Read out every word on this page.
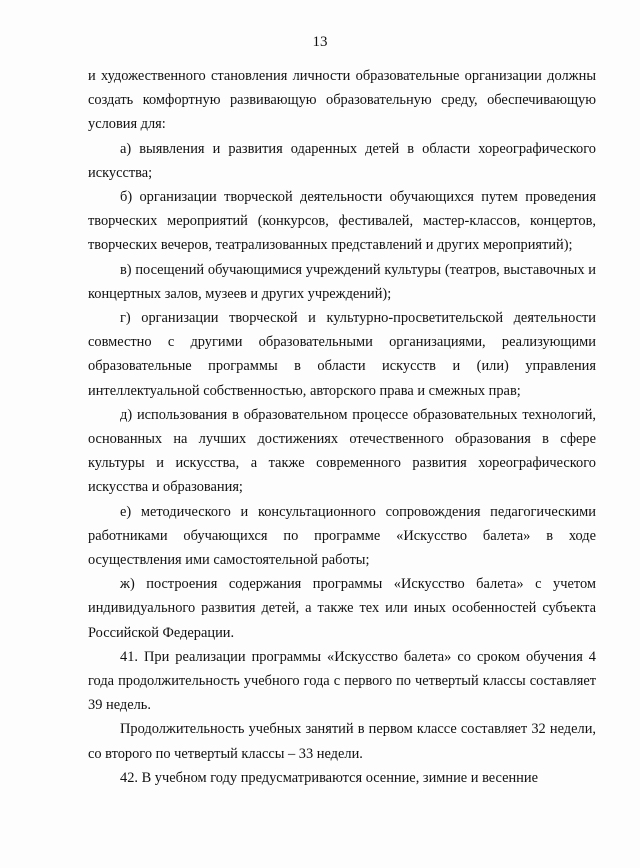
13

и художественного становления личности образовательные организации должны создать комфортную развивающую образовательную среду, обеспечивающую условия для:

а) выявления и развития одаренных детей в области хореографического искусства;

б) организации творческой деятельности обучающихся путем проведения творческих мероприятий (конкурсов, фестивалей, мастер-классов, концертов, творческих вечеров, театрализованных представлений и других мероприятий);

в) посещений обучающимися учреждений культуры (театров, выставочных и концертных залов, музеев и других учреждений);

г) организации творческой и культурно-просветительской деятельности совместно с другими образовательными организациями, реализующими образовательные программы в области искусств и (или) управления интеллектуальной собственностью, авторского права и смежных прав;

д) использования в образовательном процессе образовательных технологий, основанных на лучших достижениях отечественного образования в сфере культуры и искусства, а также современного развития хореографического искусства и образования;

е) методического и консультационного сопровождения педагогическими работниками обучающихся по программе «Искусство балета» в ходе осуществления ими самостоятельной работы;

ж) построения содержания программы «Искусство балета» с учетом индивидуального развития детей, а также тех или иных особенностей субъекта Российской Федерации.

41. При реализации программы «Искусство балета» со сроком обучения 4 года продолжительность учебного года с первого по четвертый классы составляет 39 недель.

Продолжительность учебных занятий в первом классе составляет 32 недели, со второго по четвертый классы – 33 недели.

42. В учебном году предусматриваются осенние, зимние и весенние
